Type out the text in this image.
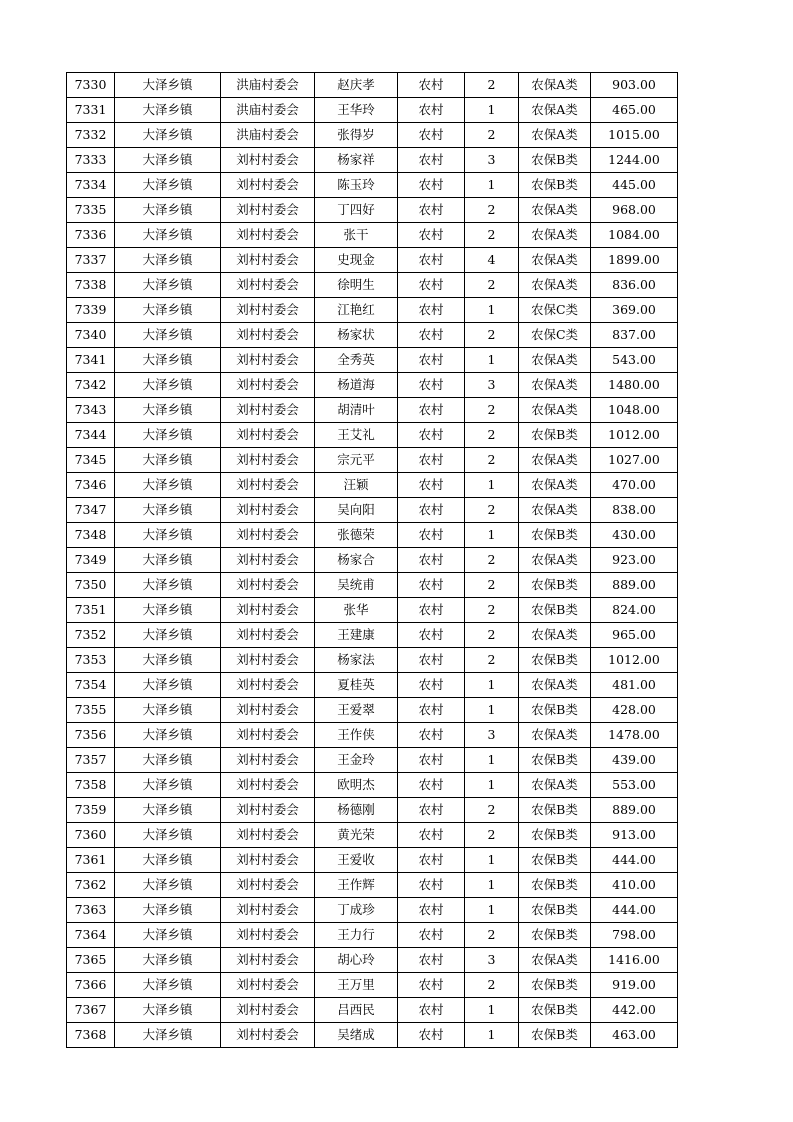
7330	大泽乡镇	洪庙村委会	赵庆孝	农村	2	农保A类	903.00
7331	大泽乡镇	洪庙村委会	王华玲	农村	1	农保A类	465.00
7332	大泽乡镇	洪庙村委会	张得岁	农村	2	农保A类	1015.00
7333	大泽乡镇	刘村村委会	杨家祥	农村	3	农保B类	1244.00
7334	大泽乡镇	刘村村委会	陈玉玲	农村	1	农保B类	445.00
7335	大泽乡镇	刘村村委会	丁四好	农村	2	农保A类	968.00
7336	大泽乡镇	刘村村委会	张干	农村	2	农保A类	1084.00
7337	大泽乡镇	刘村村委会	史现金	农村	4	农保A类	1899.00
7338	大泽乡镇	刘村村委会	徐明生	农村	2	农保A类	836.00
7339	大泽乡镇	刘村村委会	江艳红	农村	1	农保C类	369.00
7340	大泽乡镇	刘村村委会	杨家状	农村	2	农保C类	837.00
7341	大泽乡镇	刘村村委会	全秀英	农村	1	农保A类	543.00
7342	大泽乡镇	刘村村委会	杨道海	农村	3	农保A类	1480.00
7343	大泽乡镇	刘村村委会	胡清叶	农村	2	农保A类	1048.00
7344	大泽乡镇	刘村村委会	王艾礼	农村	2	农保B类	1012.00
7345	大泽乡镇	刘村村委会	宗元平	农村	2	农保A类	1027.00
7346	大泽乡镇	刘村村委会	汪颖	农村	1	农保A类	470.00
7347	大泽乡镇	刘村村委会	吴向阳	农村	2	农保A类	838.00
7348	大泽乡镇	刘村村委会	张德荣	农村	1	农保B类	430.00
7349	大泽乡镇	刘村村委会	杨家合	农村	2	农保A类	923.00
7350	大泽乡镇	刘村村委会	吴统甫	农村	2	农保B类	889.00
7351	大泽乡镇	刘村村委会	张华	农村	2	农保B类	824.00
7352	大泽乡镇	刘村村委会	王建康	农村	2	农保A类	965.00
7353	大泽乡镇	刘村村委会	杨家法	农村	2	农保B类	1012.00
7354	大泽乡镇	刘村村委会	夏桂英	农村	1	农保A类	481.00
7355	大泽乡镇	刘村村委会	王爱翠	农村	1	农保B类	428.00
7356	大泽乡镇	刘村村委会	王作侠	农村	3	农保A类	1478.00
7357	大泽乡镇	刘村村委会	王金玲	农村	1	农保B类	439.00
7358	大泽乡镇	刘村村委会	欧明杰	农村	1	农保A类	553.00
7359	大泽乡镇	刘村村委会	杨德刚	农村	2	农保B类	889.00
7360	大泽乡镇	刘村村委会	黄光荣	农村	2	农保B类	913.00
7361	大泽乡镇	刘村村委会	王爱收	农村	1	农保B类	444.00
7362	大泽乡镇	刘村村委会	王作辉	农村	1	农保B类	410.00
7363	大泽乡镇	刘村村委会	丁成珍	农村	1	农保B类	444.00
7364	大泽乡镇	刘村村委会	王力行	农村	2	农保B类	798.00
7365	大泽乡镇	刘村村委会	胡心玲	农村	3	农保A类	1416.00
7366	大泽乡镇	刘村村委会	王万里	农村	2	农保B类	919.00
7367	大泽乡镇	刘村村委会	吕西民	农村	1	农保B类	442.00
7368	大泽乡镇	刘村村委会	吴绪成	农村	1	农保B类	463.00
